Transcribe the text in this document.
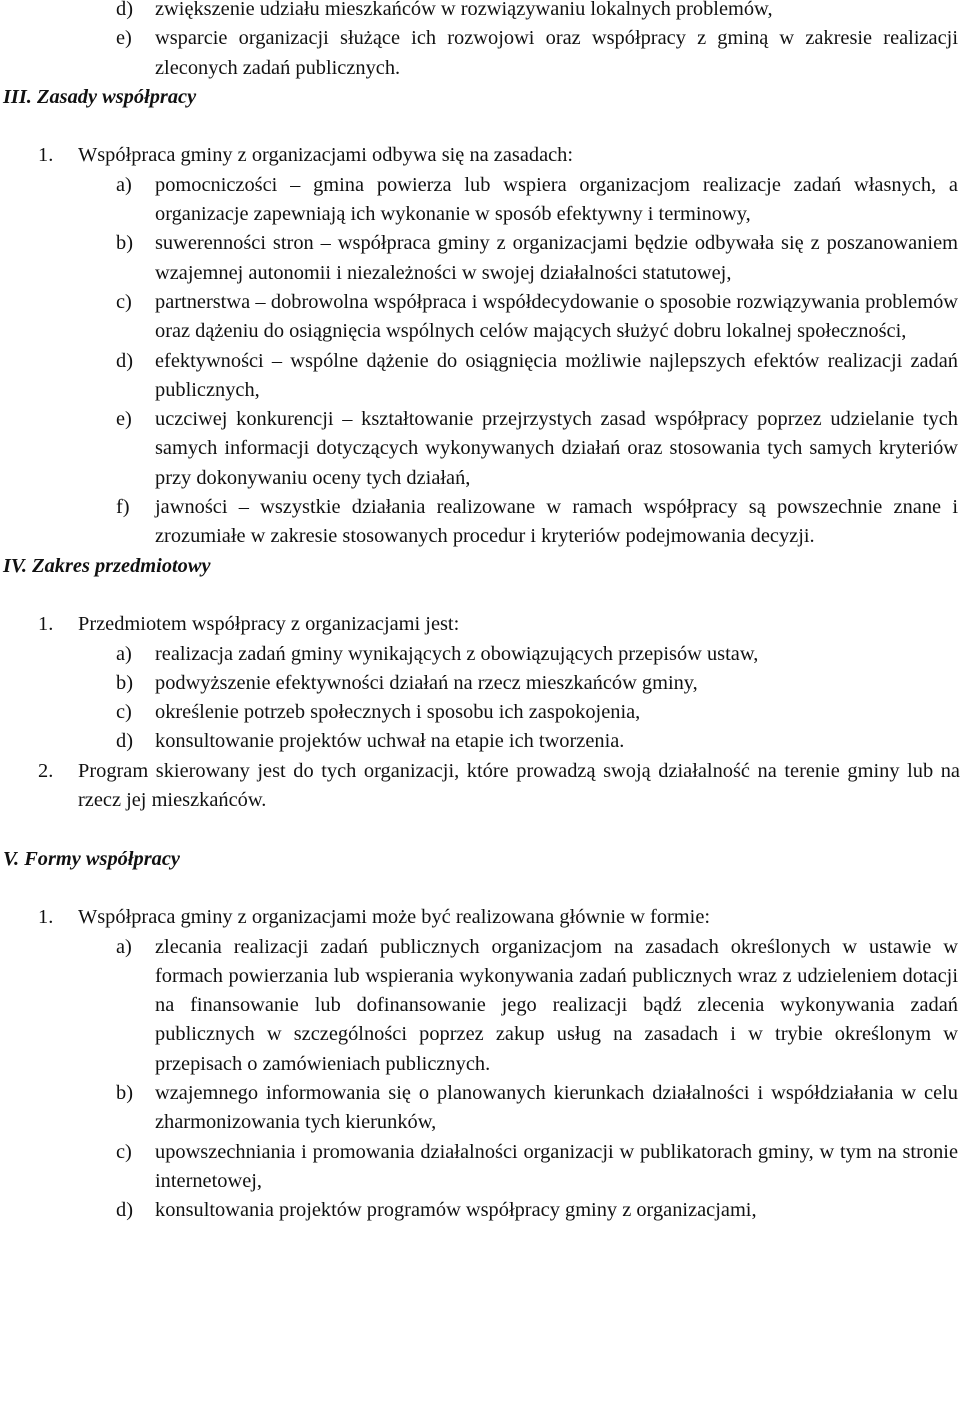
d) zwiększenie udziału mieszkańców w rozwiązywaniu lokalnych problemów,
e) wsparcie organizacji służące ich rozwojowi oraz współpracy z gminą w zakresie realizacji zleconych zadań publicznych.
III. Zasady współpracy
1. Współpraca gminy z organizacjami odbywa się na zasadach:
a) pomocniczości – gmina powierza lub wspiera organizacjom realizacje zadań własnych, a organizacje zapewniają ich wykonanie w sposób efektywny i terminowy,
b) suwerenności stron – współpraca gminy z organizacjami będzie odbywała się z poszanowaniem wzajemnej autonomii i niezależności w swojej działalności statutowej,
c) partnerstwa – dobrowolna współpraca i współdecydowanie o sposobie rozwiązywania problemów oraz dążeniu do osiągnięcia wspólnych celów mających służyć dobru lokalnej społeczności,
d) efektywności – wspólne dążenie do osiągnięcia możliwie najlepszych efektów realizacji zadań publicznych,
e) uczciwej konkurencji – kształtowanie przejrzystych zasad współpracy poprzez udzielanie tych samych informacji dotyczących wykonywanych działań oraz stosowania tych samych kryteriów przy dokonywaniu oceny tych działań,
f) jawności – wszystkie działania realizowane w ramach współpracy są powszechnie znane i zrozumiałe w zakresie stosowanych procedur i kryteriów podejmowania decyzji.
IV. Zakres przedmiotowy
1. Przedmiotem współpracy z organizacjami jest:
a) realizacja zadań gminy wynikających z obowiązujących przepisów ustaw,
b) podwyższenie efektywności działań na rzecz mieszkańców gminy,
c) określenie potrzeb społecznych i sposobu ich zaspokojenia,
d) konsultowanie projektów uchwał na etapie ich tworzenia.
2. Program skierowany jest do tych organizacji, które prowadzą swoją działalność na terenie gminy lub na rzecz jej mieszkańców.
V. Formy współpracy
1. Współpraca gminy z organizacjami może być realizowana głównie w formie:
a) zlecania realizacji zadań publicznych organizacjom na zasadach określonych w ustawie w formach powierzania lub wspierania wykonywania zadań publicznych wraz z udzieleniem dotacji na finansowanie lub dofinansowanie jego realizacji bądź zlecenia wykonywania zadań publicznych w szczególności poprzez zakup usług na zasadach i w trybie określonym w przepisach o zamówieniach publicznych.
b) wzajemnego informowania się o planowanych kierunkach działalności i współdziałania w celu zharmonizowania tych kierunków,
c) upowszechniania i promowania działalności organizacji w publikatorach gminy, w tym na stronie internetowej,
d) konsultowania projektów programów współpracy gminy z organizacjami,
